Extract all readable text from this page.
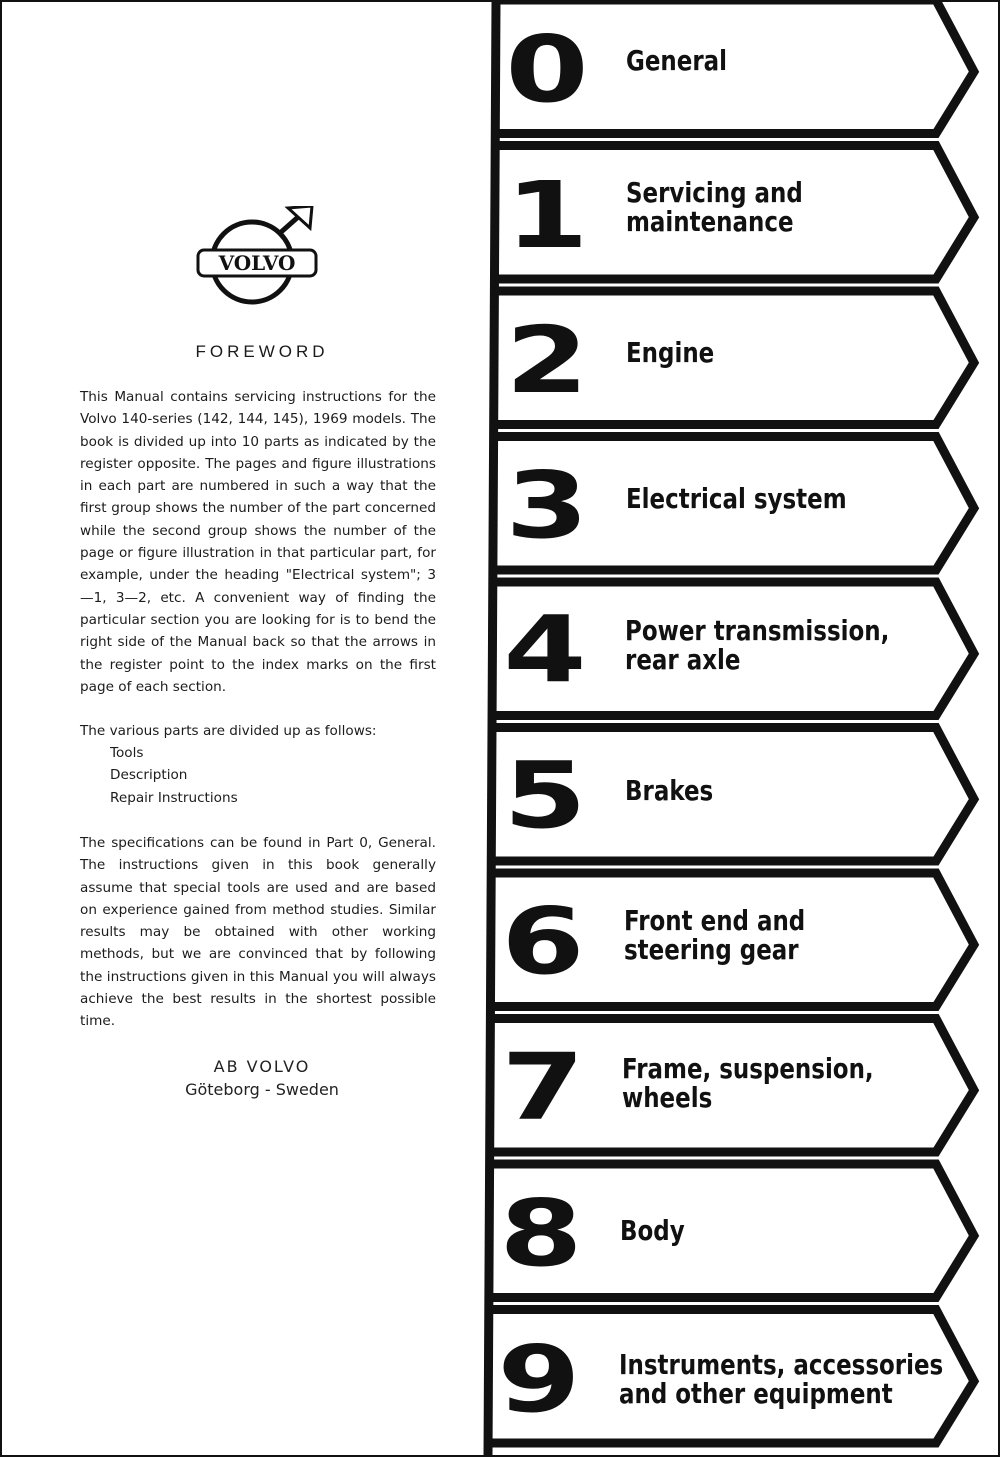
VOLVO
FOREWORD

This Manual contains servicing instructions for the Volvo 140-series (142, 144, 145), 1969 models. The book is divided up into 10 parts as indicated by the register opposite. The pages and figure illustrations in each part are numbered in such a way that the first group shows the number of the part concerned while the second group shows the number of the page or figure illustration in that particular part, for example, under the heading "Electrical system"; 3—1, 3—2, etc. A convenient way of finding the particular section you are looking for is to bend the right side of the Manual back so that the arrows in the register point to the index marks on the first page of each section.

The various parts are divided up as follows:

Tools
Description
Repair Instructions

The specifications can be found in Part 0, General. The instructions given in this book generally assume that special tools are used and are based on experience gained from method studies. Similar results may be obtained with other working methods, but we are convinced that by following the instructions given in this Manual you will always achieve the best results in the shortest possible time.

AB VOLVO
Göteborg - Sweden
0	General
1	Servicing and
maintenance
2	Engine
3	Electrical system
4	Power transmission,
rear axle
5	Brakes
6	Front end and
steering gear
7	Frame, suspension,
wheels
8	Body
9	Instruments, accessories
and other equipment
